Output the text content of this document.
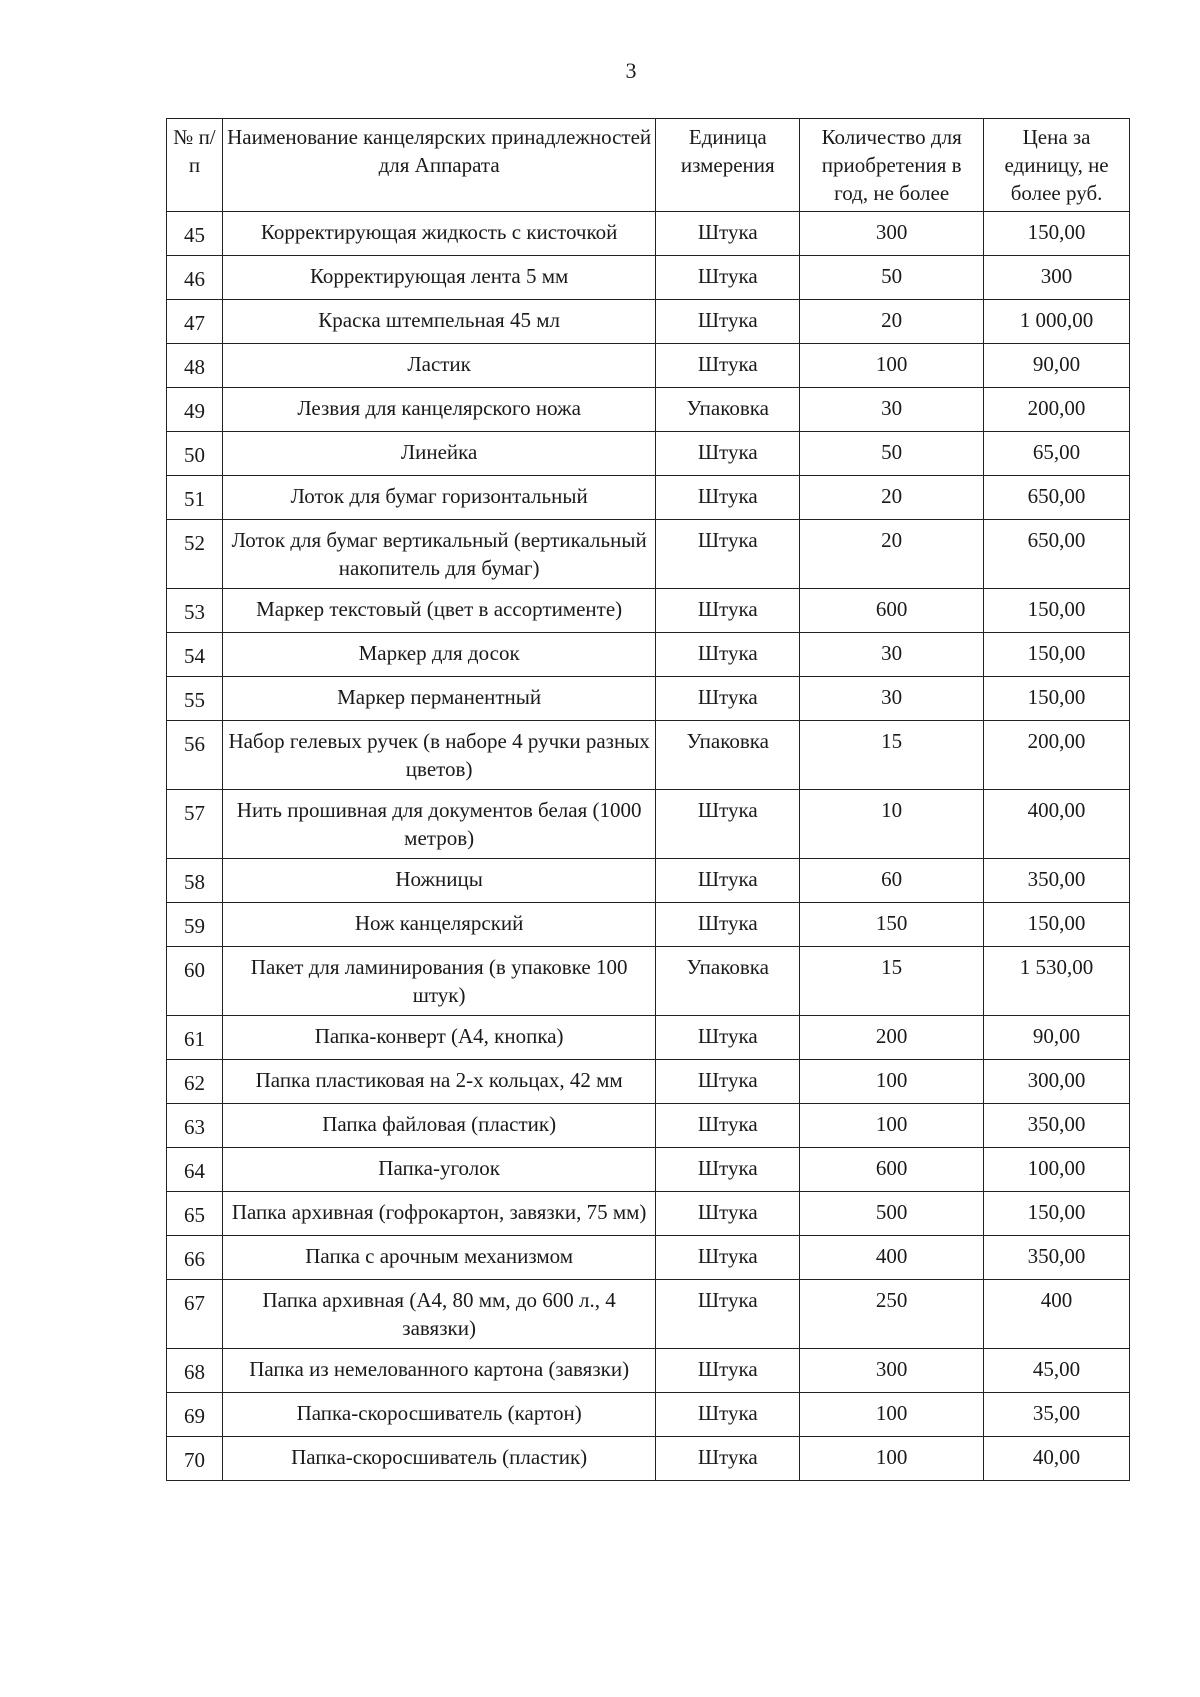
3
№ п/п	Наименование канцелярских принадлежностей для Аппарата	Единица измерения	Количество для приобретения в год, не более	Цена за единицу, не более руб.
45	Корректирующая жидкость с кисточкой	Штука	300	150,00
46	Корректирующая лента 5 мм	Штука	50	300
47	Краска штемпельная 45 мл	Штука	20	1 000,00
48	Ластик	Штука	100	90,00
49	Лезвия для канцелярского ножа	Упаковка	30	200,00
50	Линейка	Штука	50	65,00
51	Лоток для бумаг горизонтальный	Штука	20	650,00
52	Лоток для бумаг вертикальный (вертикальный накопитель для бумаг)	Штука	20	650,00
53	Маркер текстовый (цвет в ассортименте)	Штука	600	150,00
54	Маркер для досок	Штука	30	150,00
55	Маркер перманентный	Штука	30	150,00
56	Набор гелевых ручек (в наборе 4 ручки разных цветов)	Упаковка	15	200,00
57	Нить прошивная для документов белая (1000 метров)	Штука	10	400,00
58	Ножницы	Штука	60	350,00
59	Нож канцелярский	Штука	150	150,00
60	Пакет для ламинирования (в упаковке 100 штук)	Упаковка	15	1 530,00
61	Папка-конверт (А4, кнопка)	Штука	200	90,00
62	Папка пластиковая на 2-х кольцах, 42 мм	Штука	100	300,00
63	Папка файловая (пластик)	Штука	100	350,00
64	Папка-уголок	Штука	600	100,00
65	Папка архивная (гофрокартон, завязки, 75 мм)	Штука	500	150,00
66	Папка с арочным механизмом	Штука	400	350,00
67	Папка архивная (А4, 80 мм, до 600 л., 4 завязки)	Штука	250	400
68	Папка из немелованного картона (завязки)	Штука	300	45,00
69	Папка-скоросшиватель (картон)	Штука	100	35,00
70	Папка-скоросшиватель (пластик)	Штука	100	40,00
